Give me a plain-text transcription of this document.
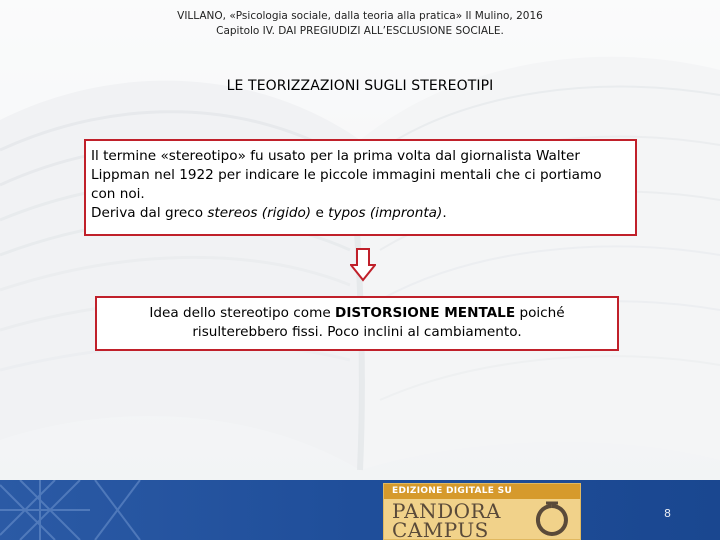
VILLANO, «Psicologia sociale, dalla teoria alla pratica» Il Mulino, 2016
Capitolo IV. DAI PREGIUDIZI ALL’ESCLUSIONE SOCIALE.
LE TEORIZZAZIONI SUGLI STEREOTIPI
Il termine «stereotipo» fu usato per la prima volta dal giornalista Walter Lippman nel 1922 per indicare le piccole immagini mentali che ci portiamo con noi.
Deriva dal greco stereos (rigido) e typos (impronta).
Idea dello stereotipo come DISTORSIONE MENTALE poiché risulterebbero fissi. Poco inclini al cambiamento.
EDIZIONE DIGITALE SU
PANDORA
CAMPUS
8
